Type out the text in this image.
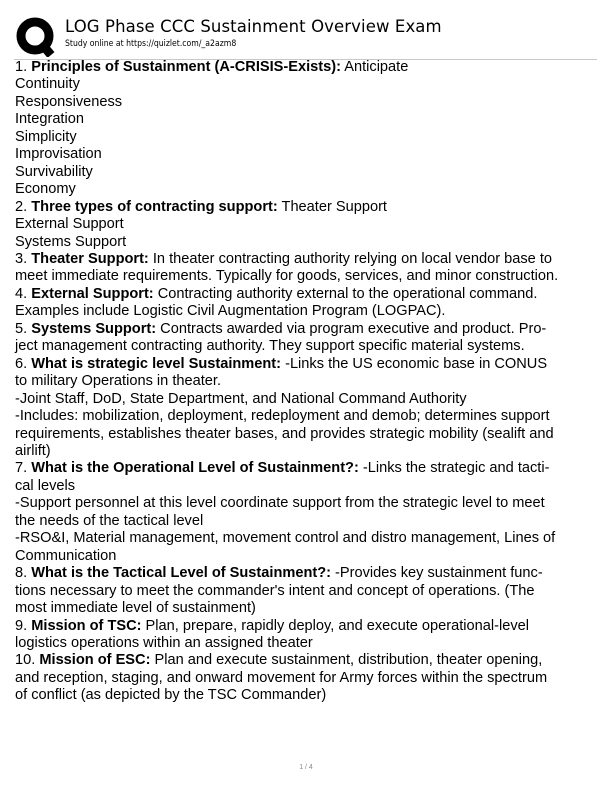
LOG Phase CCC Sustainment Overview Exam
Study online at https://quizlet.com/_a2azm8
1. Principles of Sustainment (A-CRISIS-Exists): Anticipate
Continuity
Responsiveness
Integration
Simplicity
Improvisation
Survivability
Economy
2. Three types of contracting support: Theater Support
External Support
Systems Support
3. Theater Support: In theater contracting authority relying on local vendor base to
meet immediate requirements. Typically for goods, services, and minor construction.
4. External Support: Contracting authority external to the operational command.
Examples include Logistic Civil Augmentation Program (LOGPAC).
5. Systems Support: Contracts awarded via program executive and product. Pro-
ject management contracting authority. They support specific material systems.
6. What is strategic level Sustainment: -Links the US economic base in CONUS
to military Operations in theater.
-Joint Staff, DoD, State Department, and National Command Authority
-Includes: mobilization, deployment, redeployment and demob; determines support
requirements, establishes theater bases, and provides strategic mobility (sealift and
airlift)
7. What is the Operational Level of Sustainment?: -Links the strategic and tacti-
cal levels
-Support personnel at this level coordinate support from the strategic level to meet
the needs of the tactical level
-RSO&I, Material management, movement control and distro management, Lines of
Communication
8. What is the Tactical Level of Sustainment?: -Provides key sustainment func-
tions necessary to meet the commander's intent and concept of operations. (The
most immediate level of sustainment)
9. Mission of TSC: Plan, prepare, rapidly deploy, and execute operational-level
logistics operations within an assigned theater
10. Mission of ESC: Plan and execute sustainment, distribution, theater opening,
and reception, staging, and onward movement for Army forces within the spectrum
of conflict (as depicted by the TSC Commander)
1 / 4
